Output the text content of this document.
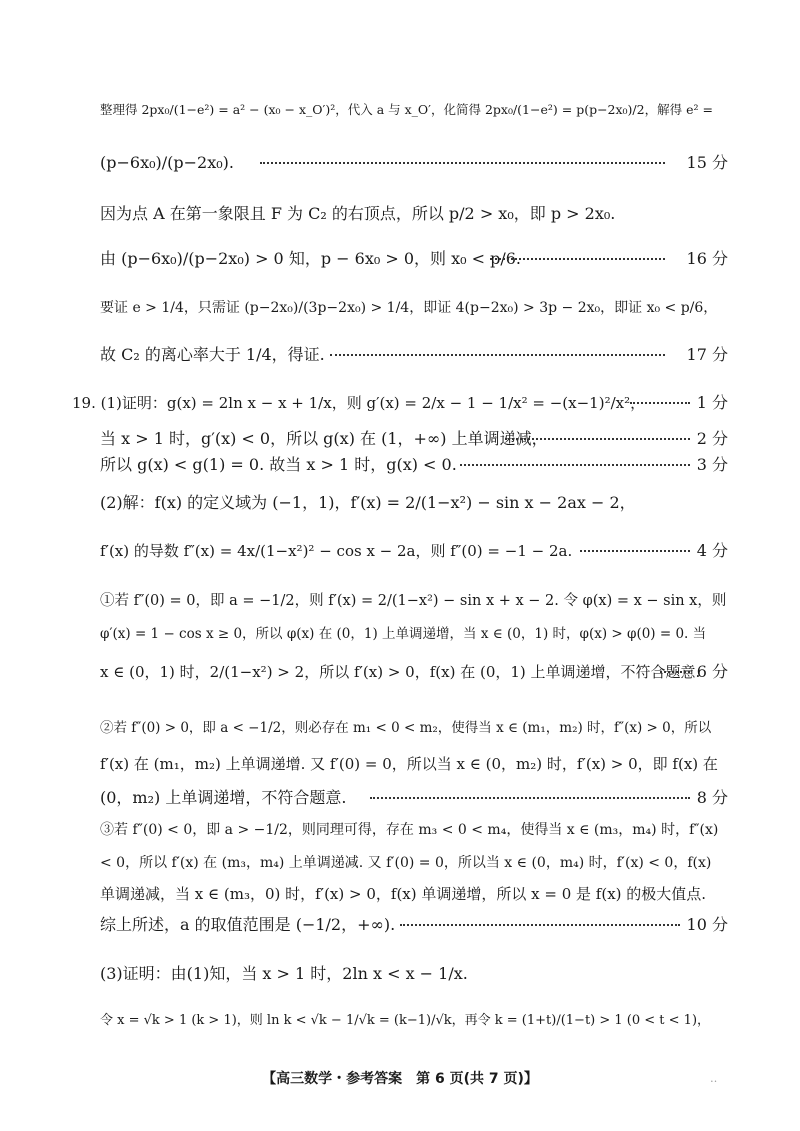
整理得 2px₀/(1−e²) = a² − (x₀ − x_O′)²，代入 a 与 x_O′，化简得 2px₀/(1−e²) = p(p−2x₀)/2，解得 e² =
(p−6x₀)/(p−2x₀).	15 分
因为点 A 在第一象限且 F 为 C₂ 的右顶点，所以 p/2 > x₀，即 p > 2x₀.
由 (p−6x₀)/(p−2x₀) > 0 知，p − 6x₀ > 0，则 x₀ < p/6.	16 分
要证 e > 1/4，只需证 (p−2x₀)/(3p−2x₀) > 1/4，即证 4(p−2x₀) > 3p − 2x₀，即证 x₀ < p/6，
故 C₂ 的离心率大于 1/4，得证.	17 分
19. (1)证明：g(x) = 2ln x − x + 1/x，则 g′(x) = 2/x − 1 − 1/x² = −(x−1)²/x²，	1 分
当 x > 1 时，g′(x) < 0，所以 g(x) 在 (1，+∞) 上单调递减，	2 分
所以 g(x) < g(1) = 0. 故当 x > 1 时，g(x) < 0.	3 分
(2)解：f(x) 的定义域为 (−1，1)，f′(x) = 2/(1−x²) − sin x − 2ax − 2，
f′(x) 的导数 f″(x) = 4x/(1−x²)² − cos x − 2a，则 f″(0) = −1 − 2a.	4 分
①若 f″(0) = 0，即 a = −1/2，则 f′(x) = 2/(1−x²) − sin x + x − 2. 令 φ(x) = x − sin x，则
φ′(x) = 1 − cos x ≥ 0，所以 φ(x) 在 (0，1) 上单调递增，当 x ∈ (0，1) 时，φ(x) > φ(0) = 0. 当
x ∈ (0，1) 时，2/(1−x²) > 2，所以 f′(x) > 0，f(x) 在 (0，1) 上单调递增，不符合题意.
6 分
②若 f″(0) > 0，即 a < −1/2，则必存在 m₁ < 0 < m₂，使得当 x ∈ (m₁，m₂) 时，f″(x) > 0，所以
f′(x) 在 (m₁，m₂) 上单调递增. 又 f′(0) = 0，所以当 x ∈ (0，m₂) 时，f′(x) > 0，即 f(x) 在
(0，m₂) 上单调递增，不符合题意.	8 分
③若 f″(0) < 0，即 a > −1/2，则同理可得，存在 m₃ < 0 < m₄，使得当 x ∈ (m₃，m₄) 时，f″(x)
< 0，所以 f′(x) 在 (m₃，m₄) 上单调递减. 又 f′(0) = 0，所以当 x ∈ (0，m₄) 时，f′(x) < 0，f(x)
单调递减，当 x ∈ (m₃，0) 时，f′(x) > 0，f(x) 单调递增，所以 x = 0 是 f(x) 的极大值点.
综上所述，a 的取值范围是 (−1/2，+∞).	10 分
(3)证明：由(1)知，当 x > 1 时，2ln x < x − 1/x.
令 x = √k > 1 (k > 1)，则 ln k < √k − 1/√k = (k−1)/√k，再令 k = (1+t)/(1−t) > 1 (0 < t < 1)，
【高三数学・参考答案　第 6 页(共 7 页)】	‥
